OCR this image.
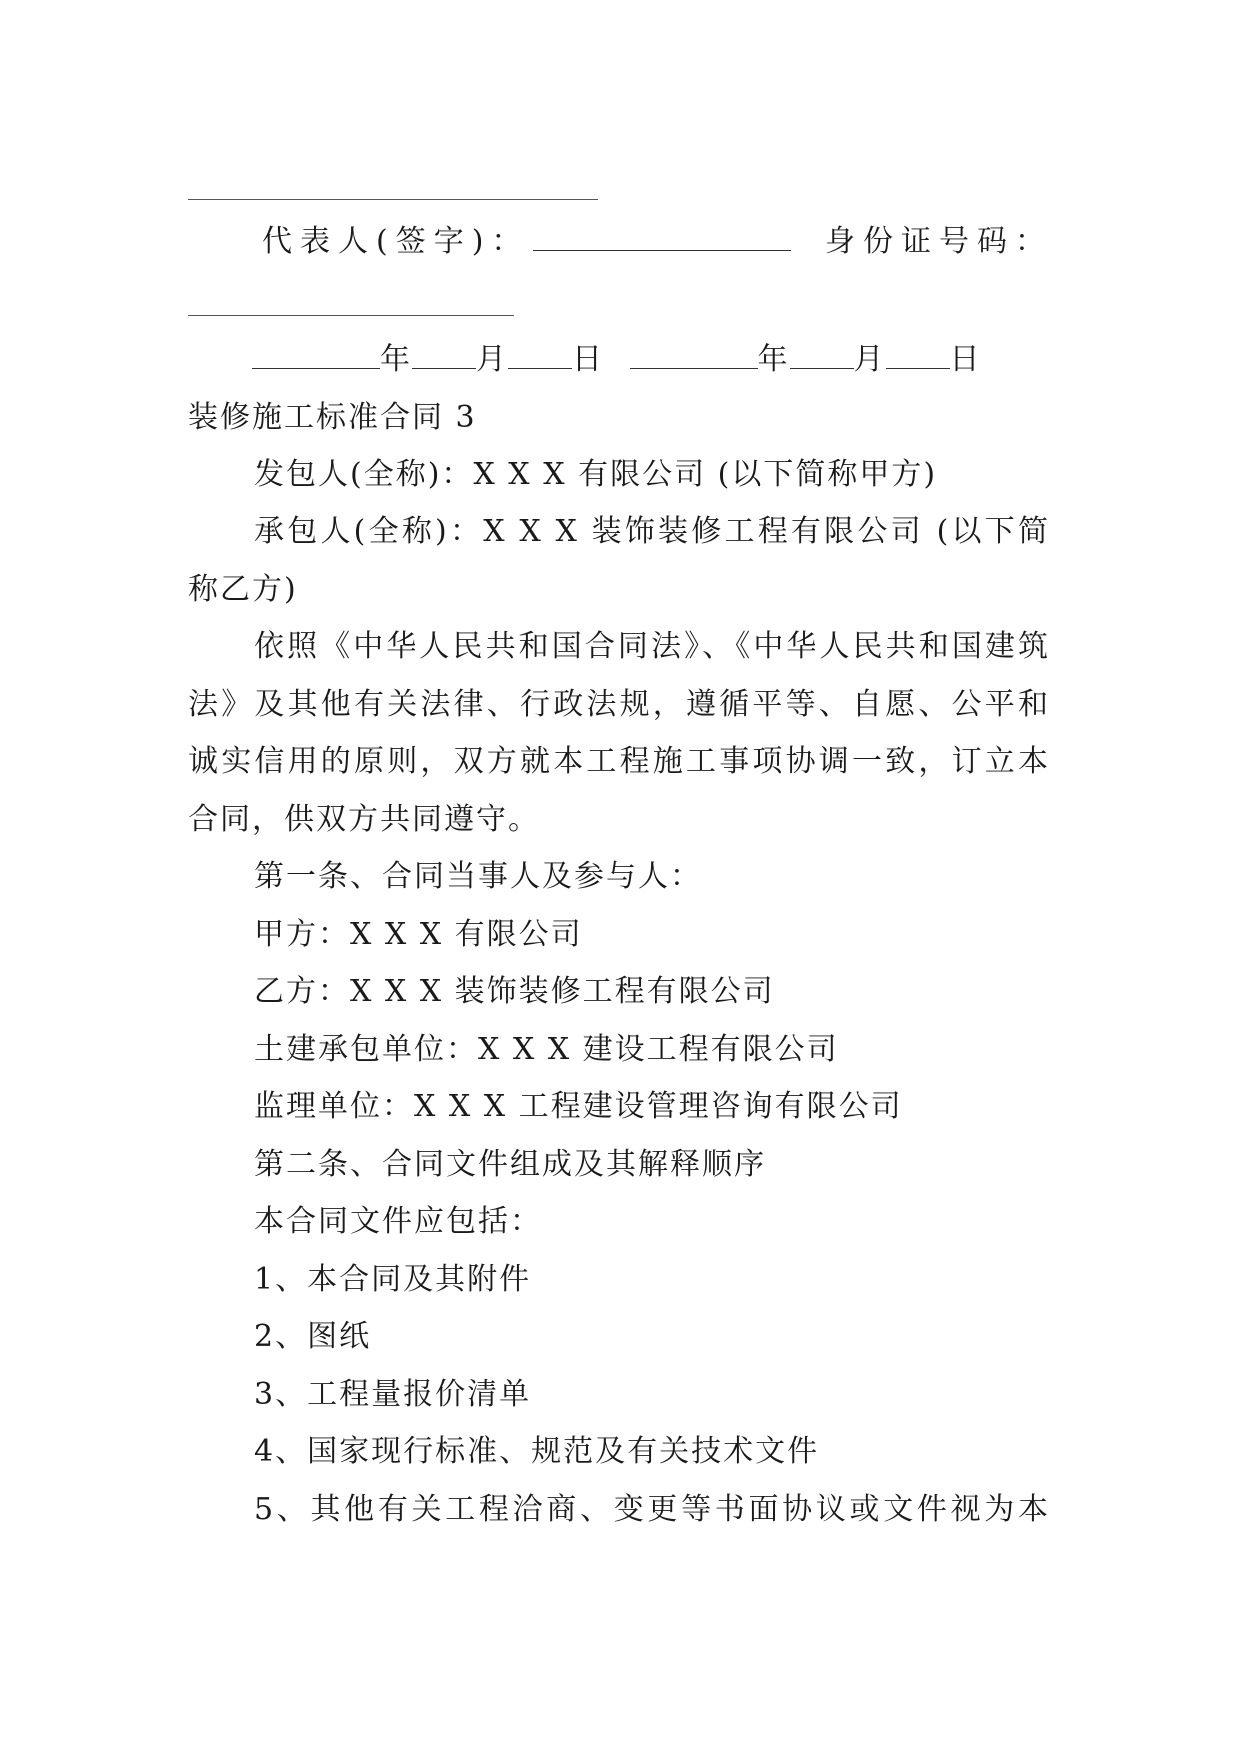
代表人(签字)：	身份证号码：
年 月 日	年 月 日
装修施工标准合同 3
发包人(全称)：X X X 有限公司 (以下简称甲方)
承包人(全称)：X X X 装饰装修工程有限公司 (以下简
称乙方)
依照《中华人民共和国合同法》、《中华人民共和国建筑
法》及其他有关法律、行政法规，遵循平等、自愿、公平和
诚实信用的原则，双方就本工程施工事项协调一致，订立本
合同，供双方共同遵守。
第一条、合同当事人及参与人：
甲方：X X X 有限公司
乙方：X X X 装饰装修工程有限公司
土建承包单位：X X X 建设工程有限公司
监理单位：X X X 工程建设管理咨询有限公司
第二条、合同文件组成及其解释顺序
本合同文件应包括：
1、本合同及其附件
2、图纸
3、工程量报价清单
4、国家现行标准、规范及有关技术文件
5、其他有关工程洽商、变更等书面协议或文件视为本
